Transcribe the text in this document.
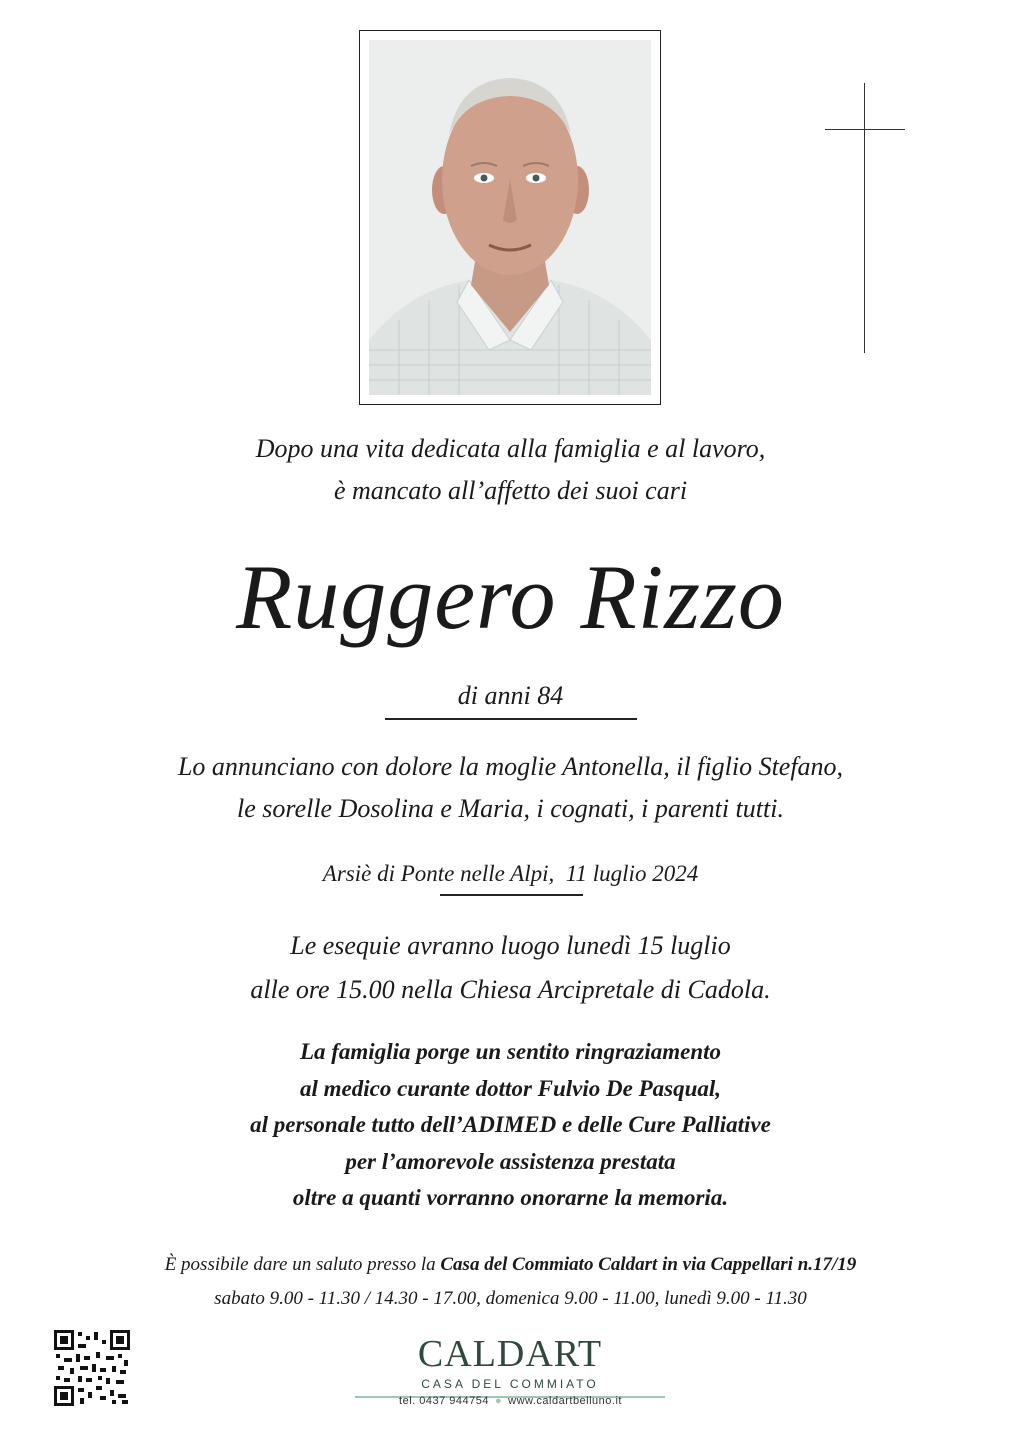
Dopo una vita dedicata alla famiglia e al lavoro,
è mancato all’affetto dei suoi cari
Ruggero Rizzo
di anni 84
Lo annunciano con dolore la moglie Antonella, il figlio Stefano,
le sorelle Dosolina e Maria, i cognati, i parenti tutti.
Arsiè di Ponte nelle Alpi,  11 luglio 2024
Le esequie avranno luogo lunedì 15 luglio
alle ore 15.00 nella Chiesa Arcipretale di Cadola.
La famiglia porge un sentito ringraziamento
al medico curante dottor Fulvio De Pasqual,
al personale tutto dell’ADIMED e delle Cure Palliative
per l’amorevole assistenza prestata
oltre a quanti vorranno onorarne la memoria.
È possibile dare un saluto presso la Casa del Commiato Caldart in via Cappellari n.17/19
sabato 9.00 - 11.30 / 14.30 - 17.00, domenica 9.00 - 11.00, lunedì 9.00 - 11.30
CALDART
CASA DEL COMMIATO
tel. 0437 944754 ● www.caldartbelluno.it
